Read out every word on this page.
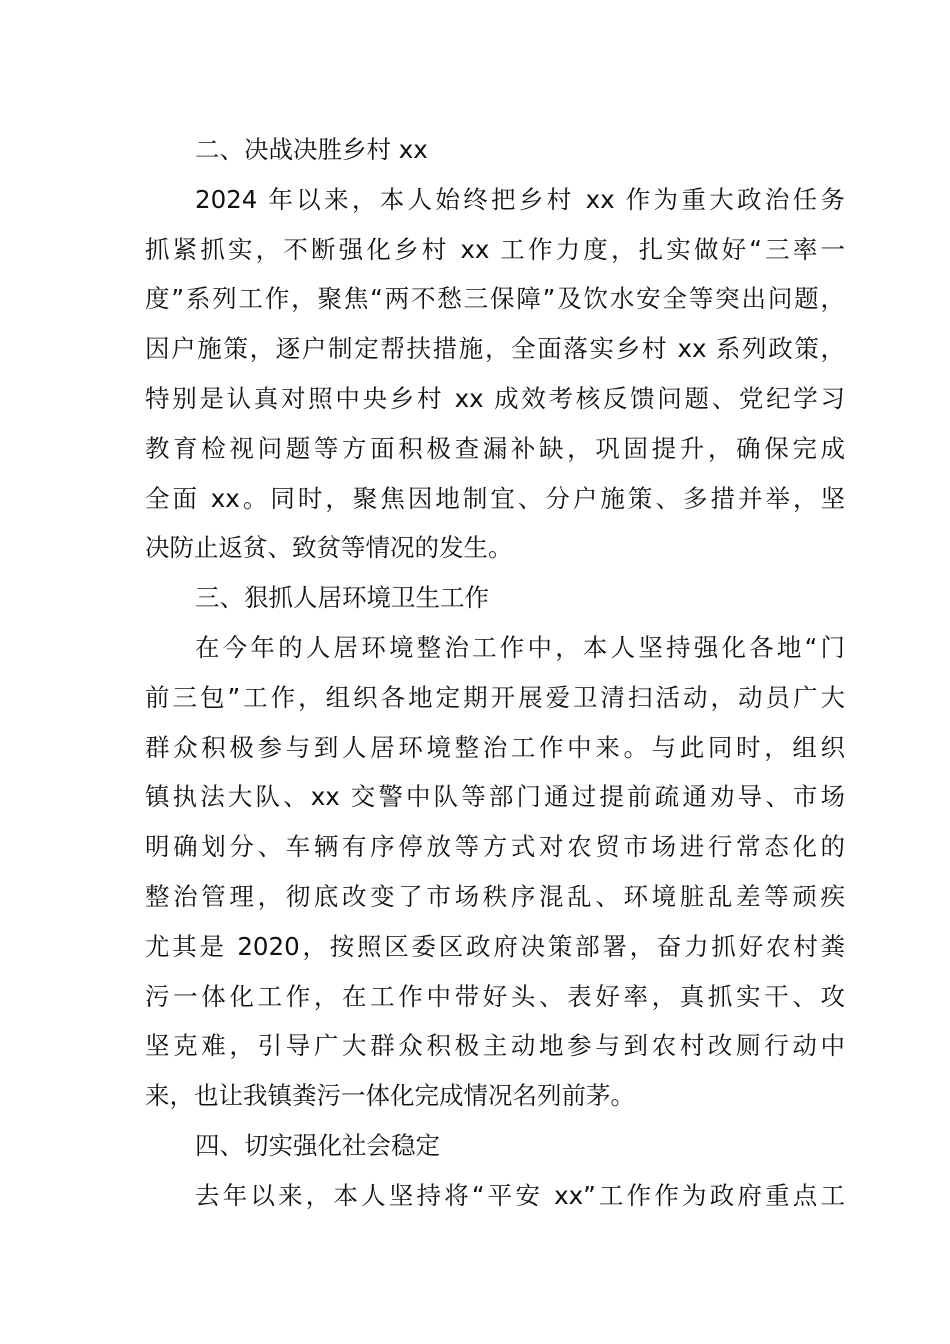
二、决战决胜乡村 xx
2024 年以来，本人始终把乡村 xx 作为重大政治任务
抓紧抓实，不断强化乡村 xx 工作力度，扎实做好“三率一
度”系列工作，聚焦“两不愁三保障”及饮水安全等突出问题，
因户施策，逐户制定帮扶措施，全面落实乡村 xx 系列政策，
特别是认真对照中央乡村 xx 成效考核反馈问题、党纪学习
教育检视问题等方面积极查漏补缺，巩固提升，确保完成
全面 xx。同时，聚焦因地制宜、分户施策、多措并举，坚
决防止返贫、致贫等情况的发生。
三、狠抓人居环境卫生工作
在今年的人居环境整治工作中，本人坚持强化各地“门
前三包”工作，组织各地定期开展爱卫清扫活动，动员广大
群众积极参与到人居环境整治工作中来。与此同时，组织
镇执法大队、xx 交警中队等部门通过提前疏通劝导、市场
明确划分、车辆有序停放等方式对农贸市场进行常态化的
整治管理，彻底改变了市场秩序混乱、环境脏乱差等顽疾
尤其是 2020，按照区委区政府决策部署，奋力抓好农村粪
污一体化工作，在工作中带好头、表好率，真抓实干、攻
坚克难，引导广大群众积极主动地参与到农村改厕行动中
来，也让我镇粪污一体化完成情况名列前茅。
四、切实强化社会稳定
去年以来，本人坚持将“平安 xx”工作作为政府重点工
